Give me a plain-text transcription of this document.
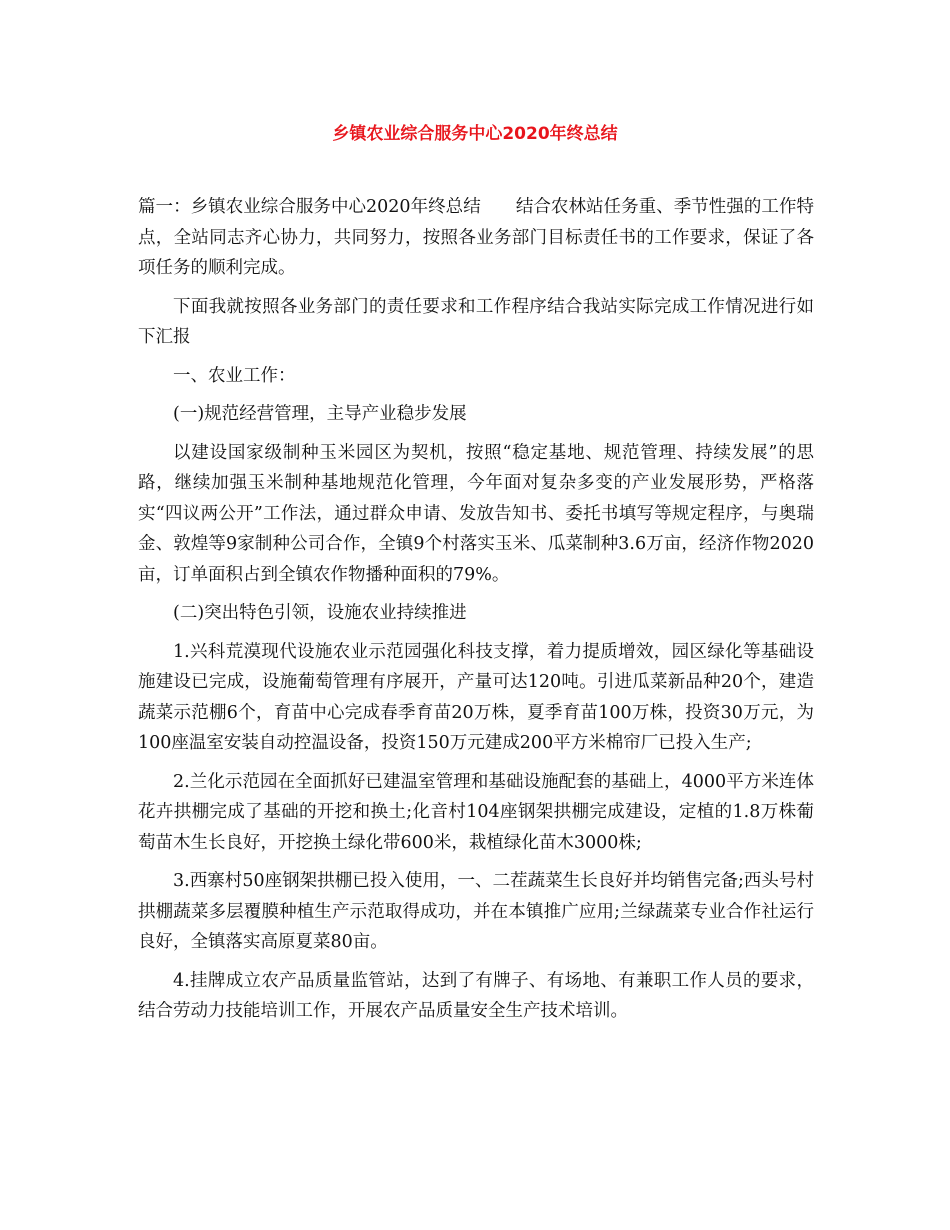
乡镇农业综合服务中心2020年终总结

篇一：乡镇农业综合服务中心2020年终总结　　结合农林站任务重、季节性强的工作特点，全站同志齐心协力，共同努力，按照各业务部门目标责任书的工作要求，保证了各项任务的顺利完成。

下面我就按照各业务部门的责任要求和工作程序结合我站实际完成工作情况进行如下汇报

一、农业工作：

(一)规范经营管理，主导产业稳步发展

以建设国家级制种玉米园区为契机，按照“稳定基地、规范管理、持续发展”的思路，继续加强玉米制种基地规范化管理，今年面对复杂多变的产业发展形势，严格落实“四议两公开”工作法，通过群众申请、发放告知书、委托书填写等规定程序，与奥瑞金、敦煌等9家制种公司合作，全镇9个村落实玉米、瓜菜制种3.6万亩，经济作物2020亩，订单面积占到全镇农作物播种面积的79%。

(二)突出特色引领，设施农业持续推进

1.兴科荒漠现代设施农业示范园强化科技支撑，着力提质增效，园区绿化等基础设施建设已完成，设施葡萄管理有序展开，产量可达120吨。引进瓜菜新品种20个，建造蔬菜示范棚6个，育苗中心完成春季育苗20万株，夏季育苗100万株，投资30万元，为100座温室安装自动控温设备，投资150万元建成200平方米棉帘厂已投入生产;

2.兰化示范园在全面抓好已建温室管理和基础设施配套的基础上，4000平方米连体花卉拱棚完成了基础的开挖和换土;化音村104座钢架拱棚完成建设，定植的1.8万株葡萄苗木生长良好，开挖换土绿化带600米，栽植绿化苗木3000株;

3.西寨村50座钢架拱棚已投入使用，一、二茬蔬菜生长良好并均销售完备;西头号村拱棚蔬菜多层覆膜种植生产示范取得成功，并在本镇推广应用;兰绿蔬菜专业合作社运行良好，全镇落实高原夏菜80亩。

4.挂牌成立农产品质量监管站，达到了有牌子、有场地、有兼职工作人员的要求，结合劳动力技能培训工作，开展农产品质量安全生产技术培训。
